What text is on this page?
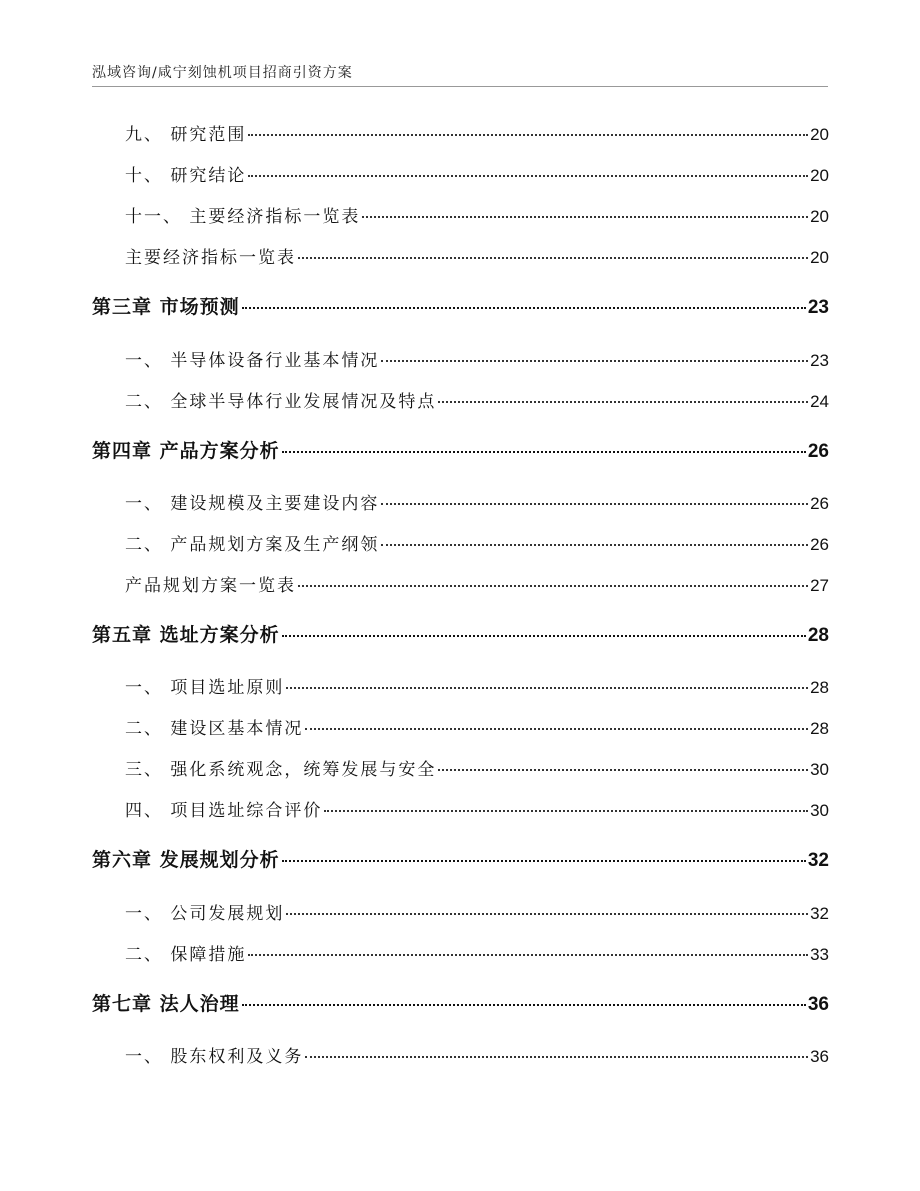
泓域咨询/咸宁刻蚀机项目招商引资方案
九、 研究范围	20
十、 研究结论	20
十一、 主要经济指标一览表	20
主要经济指标一览表	20
第三章 市场预测	23
一、 半导体设备行业基本情况	23
二、 全球半导体行业发展情况及特点	24
第四章 产品方案分析	26
一、 建设规模及主要建设内容	26
二、 产品规划方案及生产纲领	26
产品规划方案一览表	27
第五章 选址方案分析	28
一、 项目选址原则	28
二、 建设区基本情况	28
三、 强化系统观念，统筹发展与安全	30
四、 项目选址综合评价	30
第六章 发展规划分析	32
一、 公司发展规划	32
二、 保障措施	33
第七章 法人治理	36
一、 股东权利及义务	36
